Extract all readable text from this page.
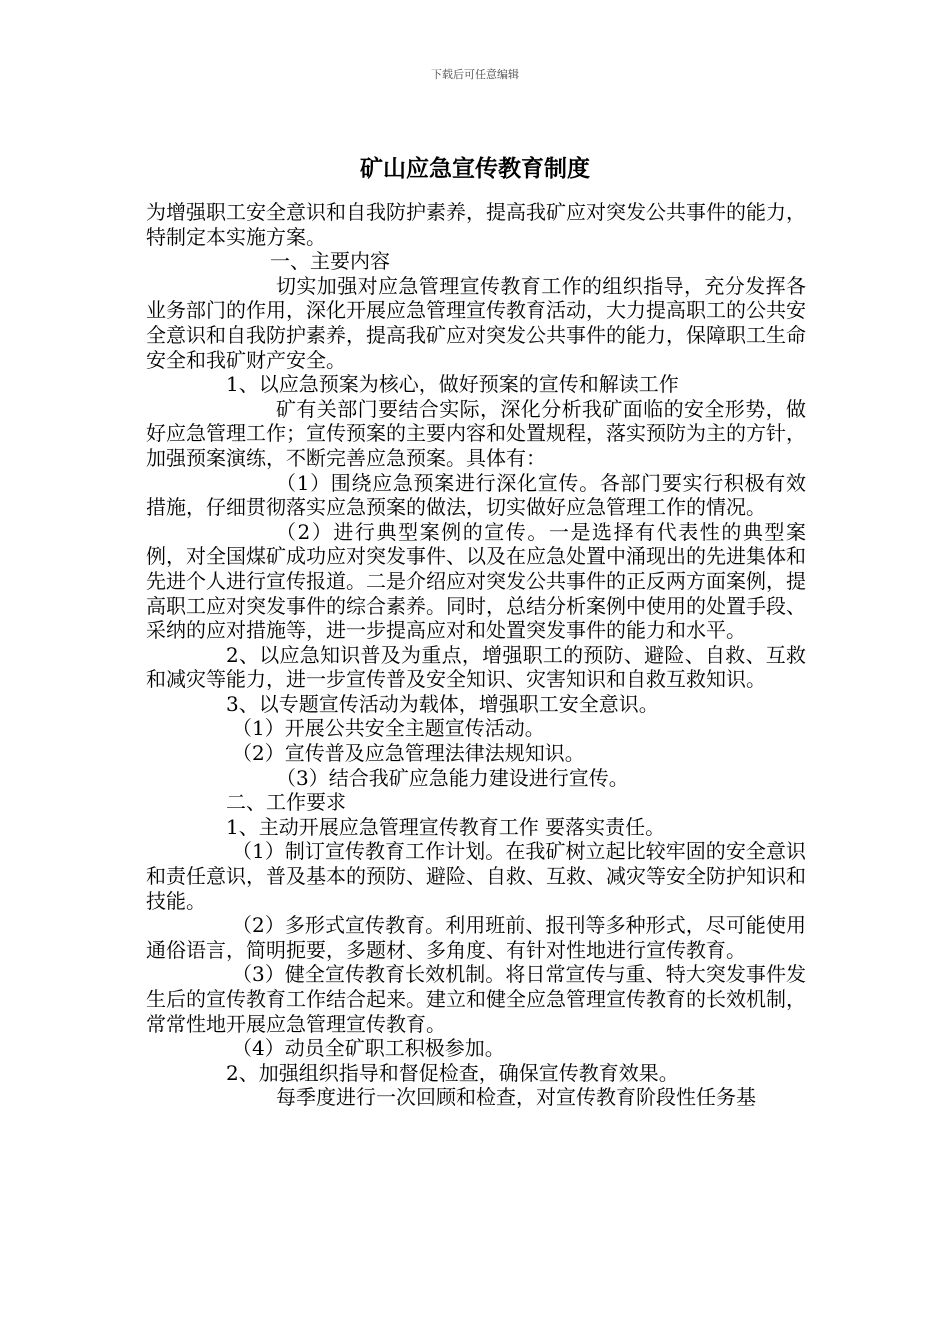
下载后可任意编辑
矿山应急宣传教育制度

为增强职工安全意识和自我防护素养，提高我矿应对突发公共事件的能力，特制定本实施方案。

一、主要内容

切实加强对应急管理宣传教育工作的组织指导，充分发挥各业务部门的作用，深化开展应急管理宣传教育活动，大力提高职工的公共安全意识和自我防护素养，提高我矿应对突发公共事件的能力，保障职工生命安全和我矿财产安全。

1、以应急预案为核心，做好预案的宣传和解读工作

矿有关部门要结合实际，深化分析我矿面临的安全形势，做好应急管理工作；宣传预案的主要内容和处置规程，落实预防为主的方针，加强预案演练，不断完善应急预案。具体有：

（1）围绕应急预案进行深化宣传。各部门要实行积极有效措施，仔细贯彻落实应急预案的做法，切实做好应急管理工作的情况。

（2）进行典型案例的宣传。一是选择有代表性的典型案例，对全国煤矿成功应对突发事件、以及在应急处置中涌现出的先进集体和先进个人进行宣传报道。二是介绍应对突发公共事件的正反两方面案例，提高职工应对突发事件的综合素养。同时，总结分析案例中使用的处置手段、采纳的应对措施等，进一步提高应对和处置突发事件的能力和水平。

2、以应急知识普及为重点，增强职工的预防、避险、自救、互救和减灾等能力，进一步宣传普及安全知识、灾害知识和自救互救知识。

3、以专题宣传活动为载体，增强职工安全意识。

（1）开展公共安全主题宣传活动。

（2）宣传普及应急管理法律法规知识。

（3）结合我矿应急能力建设进行宣传。

二、工作要求

1、主动开展应急管理宣传教育工作 要落实责任。

（1）制订宣传教育工作计划。在我矿树立起比较牢固的安全意识和责任意识，普及基本的预防、避险、自救、互救、减灾等安全防护知识和技能。

（2）多形式宣传教育。利用班前、报刊等多种形式，尽可能使用通俗语言，简明扼要，多题材、多角度、有针对性地进行宣传教育。

（3）健全宣传教育长效机制。将日常宣传与重、特大突发事件发生后的宣传教育工作结合起来。建立和健全应急管理宣传教育的长效机制，常常性地开展应急管理宣传教育。

（4）动员全矿职工积极参加。

2、加强组织指导和督促检查，确保宣传教育效果。

每季度进行一次回顾和检查，对宣传教育阶段性任务基
